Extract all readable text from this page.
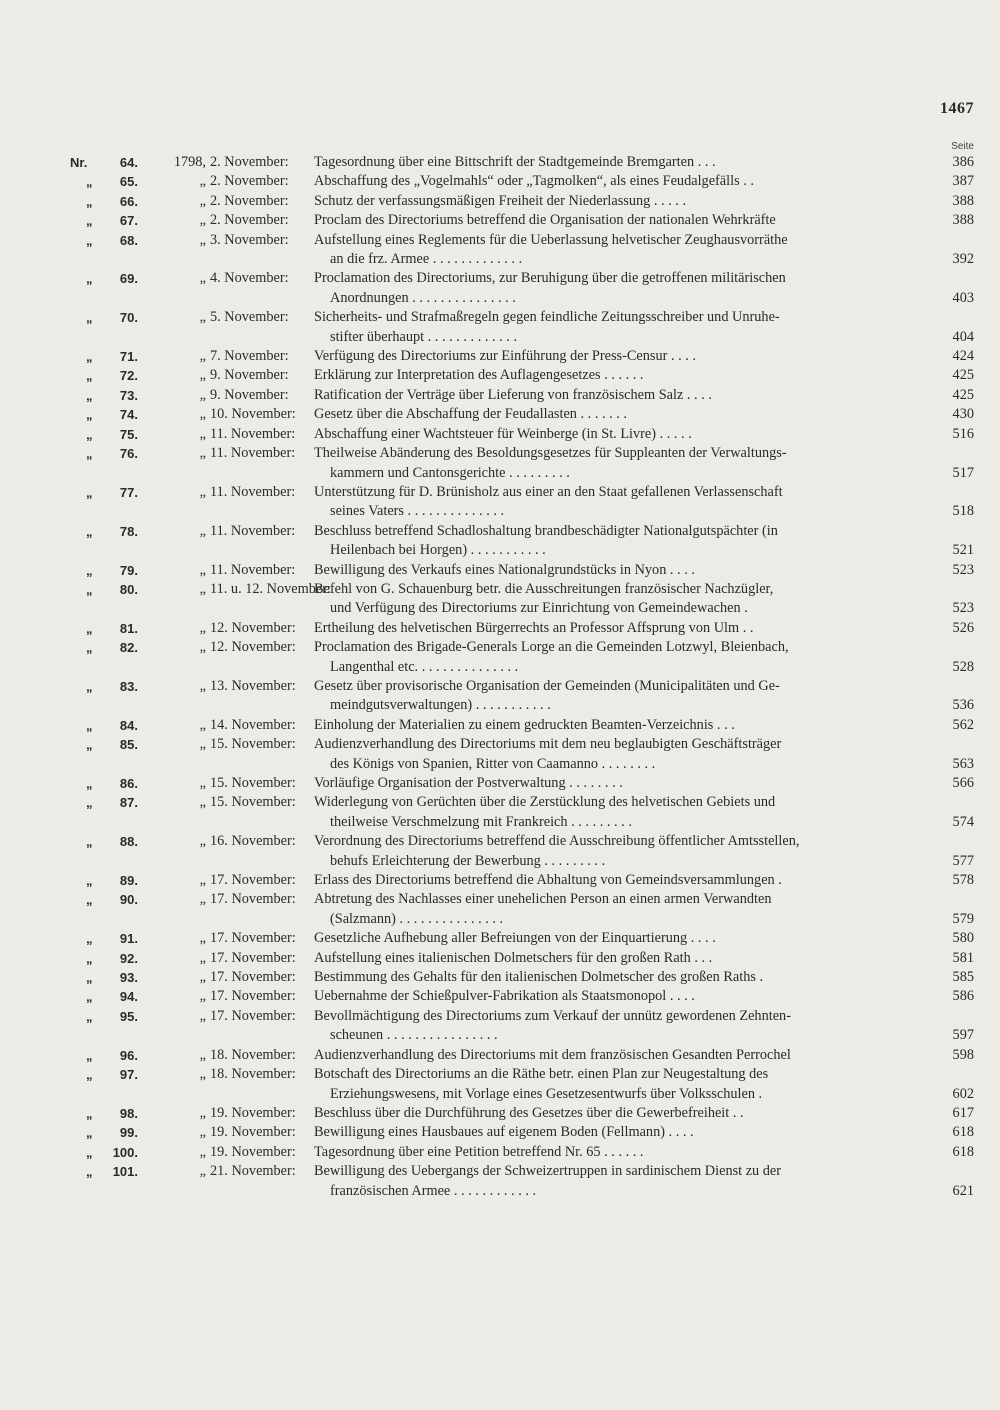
1467
Seite
Nr.	64.	1798, 2. November:	Tagesordnung über eine Bittschrift der Stadtgemeinde Bremgarten . . .	386
„	65.	„ 2. November:	Abschaffung des „Vogelmahls“ oder „Tagmolken“, als eines Feudalgefälls . .	387
„	66.	„ 2. November:	Schutz der verfassungsmäßigen Freiheit der Niederlassung . . . . .	388
„	67.	„ 2. November:	Proclam des Directoriums betreffend die Organisation der nationalen Wehrkräfte	388
„	68.	„ 3. November:	Aufstellung eines Reglements für die Ueberlassung helvetischer Zeughausvorräthe
an die frz. Armee . . . . . . . . . . . . .	392
„	69.	„ 4. November:	Proclamation des Directoriums, zur Beruhigung über die getroffenen militärischen
Anordnungen . . . . . . . . . . . . . . .	403
„	70.	„ 5. November:	Sicherheits- und Strafmaßregeln gegen feindliche Zeitungsschreiber und Unruhe-
stifter überhaupt . . . . . . . . . . . . .	404
„	71.	„ 7. November:	Verfügung des Directoriums zur Einführung der Press-Censur . . . .	424
„	72.	„ 9. November:	Erklärung zur Interpretation des Auflagengesetzes . . . . . .	425
„	73.	„ 9. November:	Ratification der Verträge über Lieferung von französischem Salz . . . .	425
„	74.	„ 10. November:	Gesetz über die Abschaffung der Feudallasten . . . . . . .	430
„	75.	„ 11. November:	Abschaffung einer Wachtsteuer für Weinberge (in St. Livre) . . . . .	516
„	76.	„ 11. November:	Theilweise Abänderung des Besoldungsgesetzes für Suppleanten der Verwaltungs-
kammern und Cantonsgerichte . . . . . . . . .	517
„	77.	„ 11. November:	Unterstützung für D. Brünisholz aus einer an den Staat gefallenen Verlassenschaft
seines Vaters . . . . . . . . . . . . . .	518
„	78.	„ 11. November:	Beschluss betreffend Schadloshaltung brandbeschädigter Nationalgutspächter (in
Heilenbach bei Horgen) . . . . . . . . . . .	521
„	79.	„ 11. November:	Bewilligung des Verkaufs eines Nationalgrundstücks in Nyon . . . .	523
„	80.	„ 11. u. 12. November:
Befehl von G. Schauenburg betr. die Ausschreitungen französischer Nachzügler,
und Verfügung des Directoriums zur Einrichtung von Gemeindewachen .	523
„	81.	„ 12. November:	Ertheilung des helvetischen Bürgerrechts an Professor Affsprung von Ulm . .	526
„	82.	„ 12. November:	Proclamation des Brigade-Generals Lorge an die Gemeinden Lotzwyl, Bleienbach,
Langenthal etc. . . . . . . . . . . . . . .	528
„	83.	„ 13. November:	Gesetz über provisorische Organisation der Gemeinden (Municipalitäten und Ge-
meindgutsverwaltungen) . . . . . . . . . . .	536
„	84.	„ 14. November:	Einholung der Materialien zu einem gedruckten Beamten-Verzeichnis . . .	562
„	85.	„ 15. November:	Audienzverhandlung des Directoriums mit dem neu beglaubigten Geschäftsträger
des Königs von Spanien, Ritter von Caamanno . . . . . . . .	563
„	86.	„ 15. November:	Vorläufige Organisation der Postverwaltung . . . . . . . .	566
„	87.	„ 15. November:	Widerlegung von Gerüchten über die Zerstücklung des helvetischen Gebiets und
theilweise Verschmelzung mit Frankreich . . . . . . . . .	574
„	88.	„ 16. November:	Verordnung des Directoriums betreffend die Ausschreibung öffentlicher Amtsstellen,
behufs Erleichterung der Bewerbung . . . . . . . . .	577
„	89.	„ 17. November:	Erlass des Directoriums betreffend die Abhaltung von Gemeindsversammlungen .	578
„	90.	„ 17. November:	Abtretung des Nachlasses einer unehelichen Person an einen armen Verwandten
(Salzmann) . . . . . . . . . . . . . . .	579
„	91.	„ 17. November:	Gesetzliche Aufhebung aller Befreiungen von der Einquartierung . . . .	580
„	92.	„ 17. November:	Aufstellung eines italienischen Dolmetschers für den großen Rath . . .	581
„	93.	„ 17. November:	Bestimmung des Gehalts für den italienischen Dolmetscher des großen Raths .	585
„	94.	„ 17. November:	Uebernahme der Schießpulver-Fabrikation als Staatsmonopol . . . .	586
„	95.	„ 17. November:	Bevollmächtigung des Directoriums zum Verkauf der unnütz gewordenen Zehnten-
scheunen . . . . . . . . . . . . . . . .	597
„	96.	„ 18. November:	Audienzverhandlung des Directoriums mit dem französischen Gesandten Perrochel	598
„	97.	„ 18. November:	Botschaft des Directoriums an die Räthe betr. einen Plan zur Neugestaltung des
Erziehungswesens, mit Vorlage eines Gesetzesentwurfs über Volksschulen .	602
„	98.	„ 19. November:	Beschluss über die Durchführung des Gesetzes über die Gewerbefreiheit . .	617
„	99.	„ 19. November:	Bewilligung eines Hausbaues auf eigenem Boden (Fellmann) . . . .	618
„	100.	„ 19. November:	Tagesordnung über eine Petition betreffend Nr. 65 . . . . . .	618
„	101.	„ 21. November:	Bewilligung des Uebergangs der Schweizertruppen in sardinischem Dienst zu der
französischen Armee . . . . . . . . . . . .	621
